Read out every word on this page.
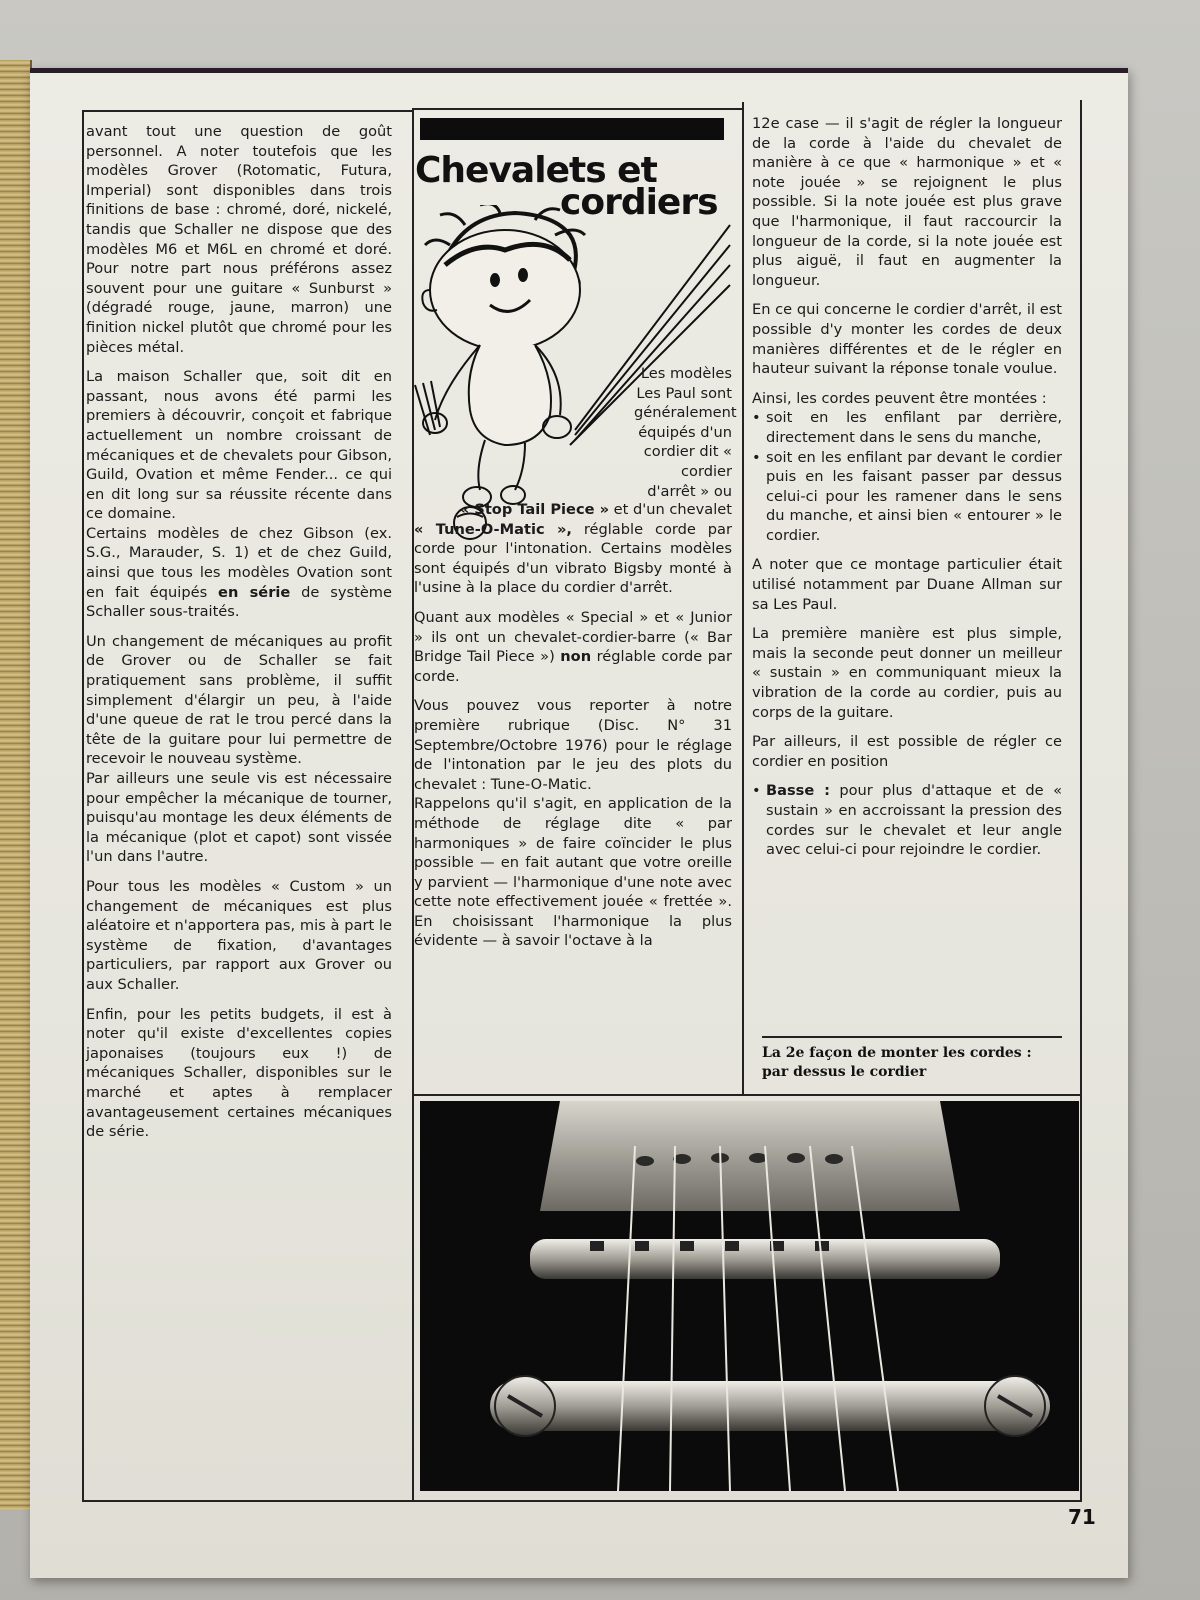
avant tout une question de goût personnel. A noter toutefois que les modèles Grover (Rotomatic, Futura, Imperial) sont disponibles dans trois finitions de base : chromé, doré, nickelé, tandis que Schaller ne dispose que des modèles M6 et M6L en chromé et doré. Pour notre part nous préférons assez souvent pour une guitare « Sunburst » (dégradé rouge, jaune, marron) une finition nickel plutôt que chromé pour les pièces métal.

La maison Schaller que, soit dit en passant, nous avons été parmi les premiers à découvrir, conçoit et fabrique actuellement un nombre croissant de mécaniques et de chevalets pour Gibson, Guild, Ovation et même Fender... ce qui en dit long sur sa réussite récente dans ce domaine.

Certains modèles de chez Gibson (ex. S.G., Marauder, S. 1) et de chez Guild, ainsi que tous les modèles Ovation sont en fait équipés en série de système Schaller sous-traités.

Un changement de mécaniques au profit de Grover ou de Schaller se fait pratiquement sans problème, il suffit simplement d'élargir un peu, à l'aide d'une queue de rat le trou percé dans la tête de la guitare pour lui permettre de recevoir le nouveau système.

Par ailleurs une seule vis est nécessaire pour empêcher la mécanique de tourner, puisqu'au montage les deux éléments de la mécanique (plot et capot) sont vissée l'un dans l'autre.

Pour tous les modèles « Custom » un changement de mécaniques est plus aléatoire et n'apportera pas, mis à part le système de fixation, d'avantages particuliers, par rapport aux Grover ou aux Schaller.

Enfin, pour les petits budgets, il est à noter qu'il existe d'excellentes copies japonaises (toujours eux !) de mécaniques Schaller, disponibles sur le marché et aptes à remplacer avantageusement certaines mécaniques de série.

Chevalets et
cordiers
Les modèles Les Paul sont généralement équipés d'un cordier dit « cordier d'arrêt » ou

« Stop Tail Piece » et d'un chevalet

« Tune-O-Matic », réglable corde par corde pour l'intonation. Certains modèles sont équipés d'un vibrato Bigsby monté à l'usine à la place du cordier d'arrêt.

Quant aux modèles « Special » et « Junior » ils ont un chevalet-cordier-barre (« Bar Bridge Tail Piece ») non réglable corde par corde.

Vous pouvez vous reporter à notre première rubrique (Disc. N° 31 Septembre/Octobre 1976) pour le réglage de l'intonation par le jeu des plots du chevalet : Tune-O-Matic.

Rappelons qu'il s'agit, en application de la méthode de réglage dite « par harmoniques » de faire coïncider le plus possible — en fait autant que votre oreille y parvient — l'harmonique d'une note avec cette note effectivement jouée « frettée ». En choisissant l'harmonique la plus évidente — à savoir l'octave à la

12e case — il s'agit de régler la longueur de la corde à l'aide du chevalet de manière à ce que « harmonique » et « note jouée » se rejoignent le plus possible. Si la note jouée est plus grave que l'harmonique, il faut raccourcir la longueur de la corde, si la note jouée est plus aiguë, il faut en augmenter la longueur.

En ce qui concerne le cordier d'arrêt, il est possible d'y monter les cordes de deux manières différentes et de le régler en hauteur suivant la réponse tonale voulue.

Ainsi, les cordes peuvent être montées :

• soit en les enfilant par derrière, directement dans le sens du manche,
• soit en les enfilant par devant le cordier puis en les faisant passer par dessus celui-ci pour les ramener dans le sens du manche, et ainsi bien « entourer » le cordier.

A noter que ce montage particulier était utilisé notamment par Duane Allman sur sa Les Paul.

La première manière est plus simple, mais la seconde peut donner un meilleur « sustain » en communiquant mieux la vibration de la corde au cordier, puis au corps de la guitare.

Par ailleurs, il est possible de régler ce cordier en position

• Basse : pour plus d'attaque et de « sustain » en accroissant la pression des cordes sur le chevalet et leur angle avec celui-ci pour rejoindre le cordier.
La 2e façon de monter les cordes : par dessus le cordier
71
